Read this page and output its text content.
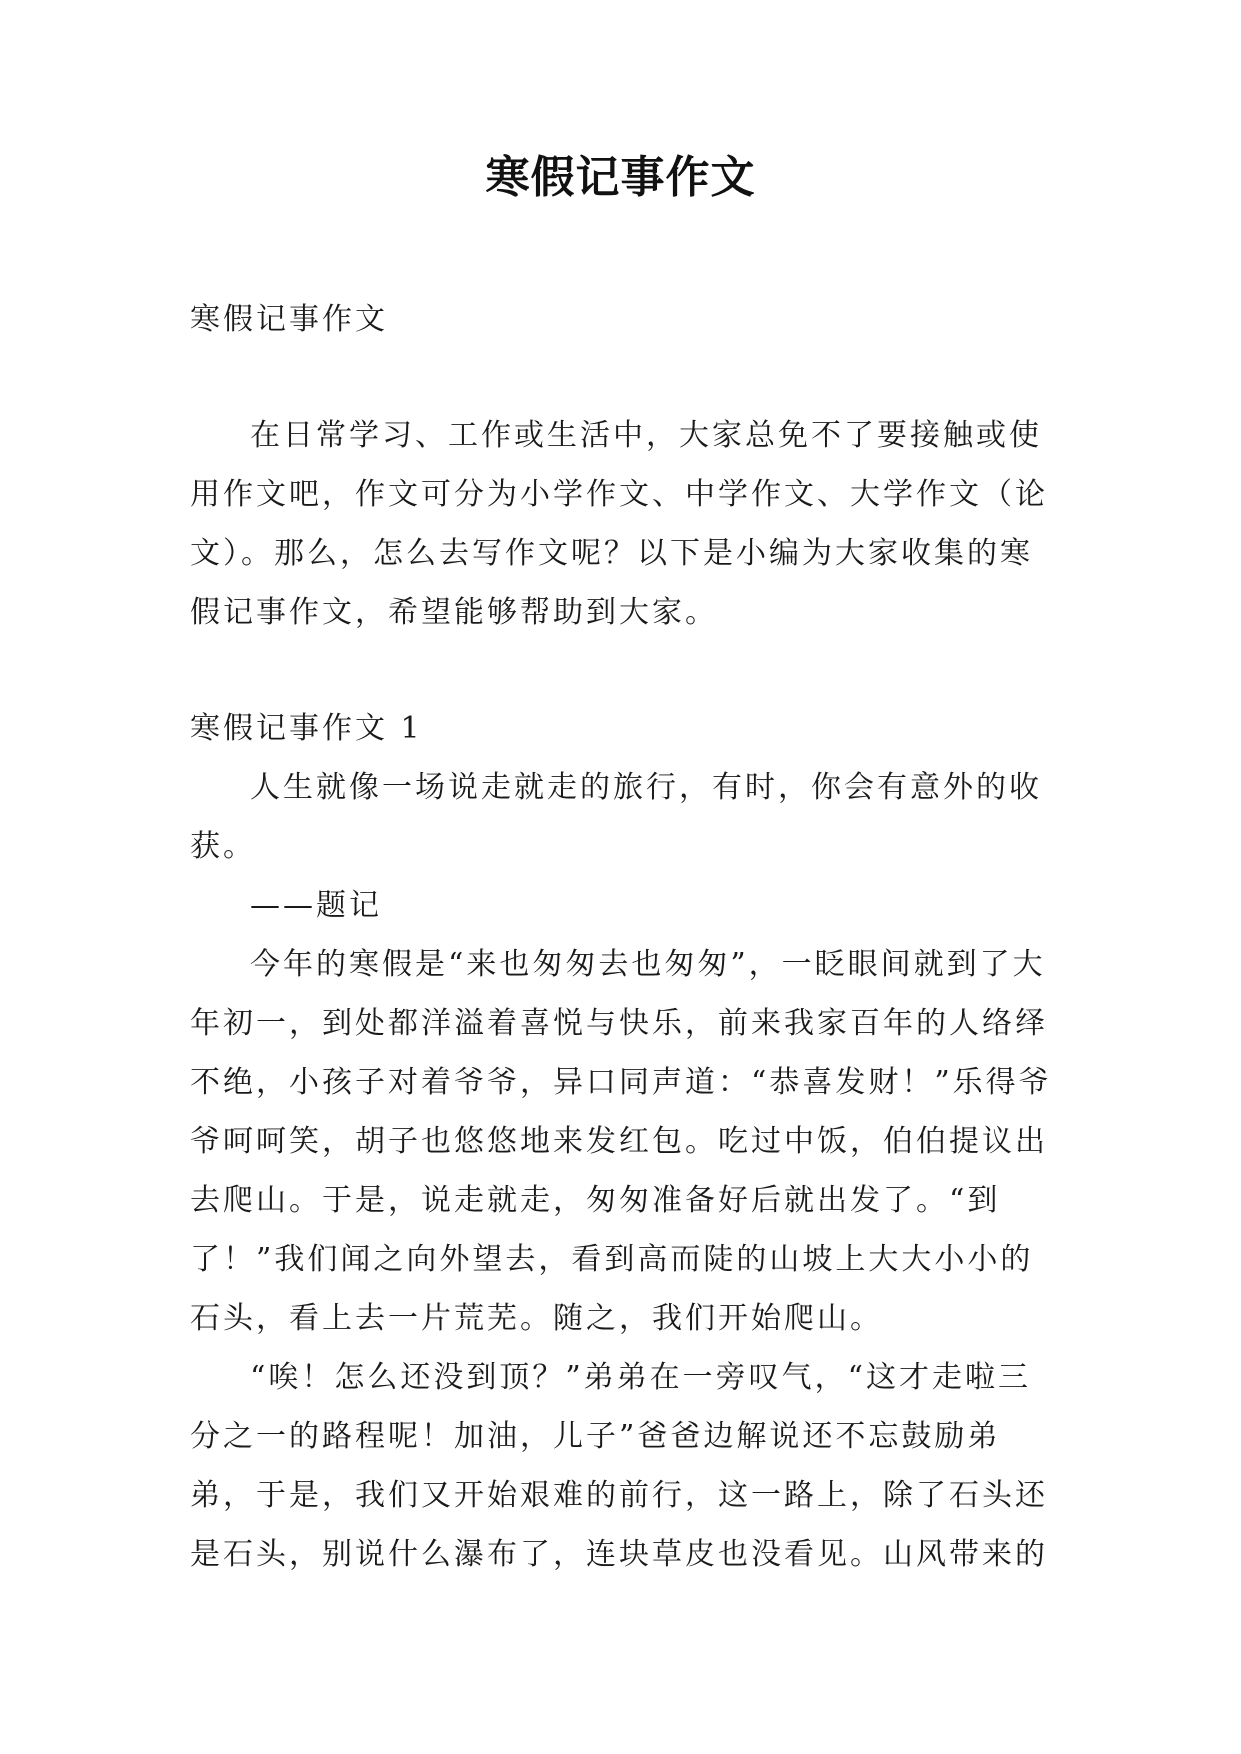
寒假记事作文

寒假记事作文

在日常学习、工作或生活中，大家总免不了要接触或使用作文吧，作文可分为小学作文、中学作文、大学作文（论文）。那么，怎么去写作文呢？以下是小编为大家收集的寒假记事作文，希望能够帮助到大家。

寒假记事作文 1

人生就像一场说走就走的旅行，有时，你会有意外的收获。

——题记

今年的寒假是“来也匆匆去也匆匆”，一眨眼间就到了大年初一，到处都洋溢着喜悦与快乐，前来我家百年的人络绎不绝，小孩子对着爷爷，异口同声道：“恭喜发财！”乐得爷爷呵呵笑，胡子也悠悠地来发红包。吃过中饭，伯伯提议出去爬山。于是，说走就走，匆匆准备好后就出发了。“到了！”我们闻之向外望去，看到高而陡的山坡上大大小小的石头，看上去一片荒芜。随之，我们开始爬山。

“唉！怎么还没到顶？”弟弟在一旁叹气，“这才走啦三分之一的路程呢！加油，儿子”爸爸边解说还不忘鼓励弟弟，于是，我们又开始艰难的前行，这一路上，除了石头还是石头，别说什么瀑布了，连块草皮也没看见。山风带来的
